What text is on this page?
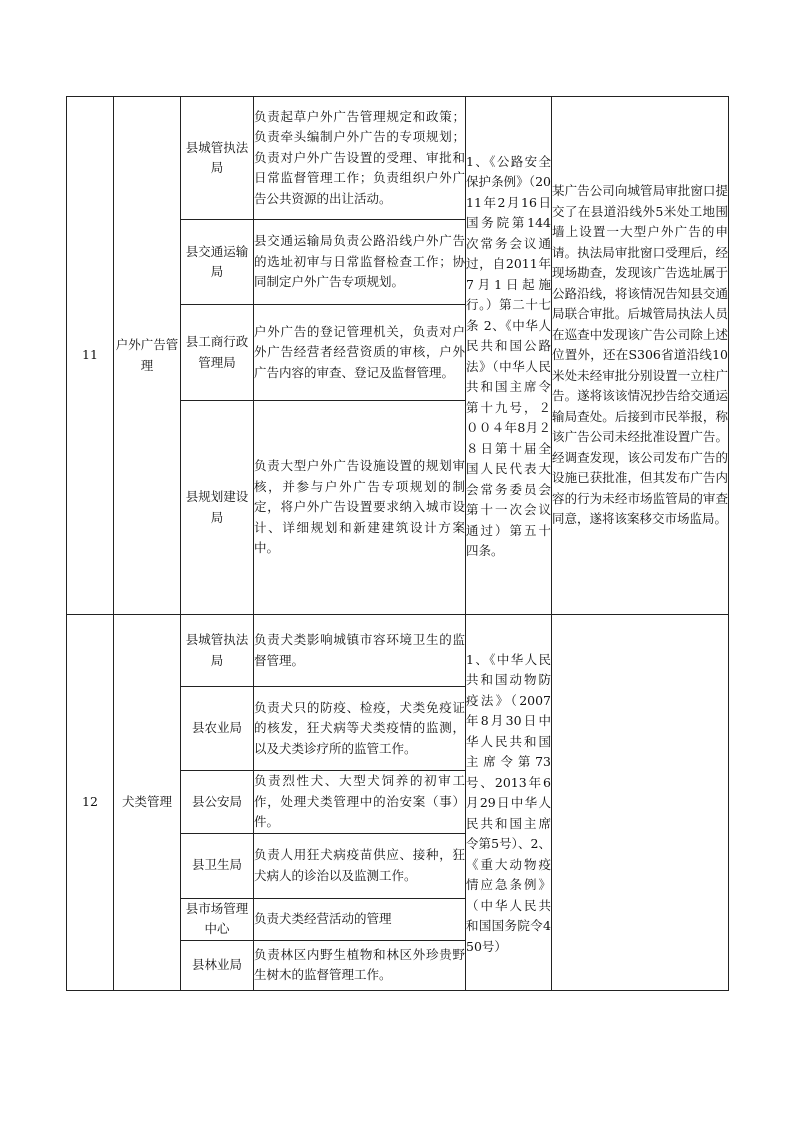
11	户外广告管理	县城管执法局	负责起草户外广告管理规定和政策；负责牵头编制户外广告的专项规划；负责对户外广告设置的受理、审批和日常监督管理工作；负责组织户外广告公共资源的出让活动。	1、《公路安全保护条例》（2011年2月16日国务院第144次常务会议通过，自2011年7月1日起施行。）第二十七条 2、《中华人民共和国公路法》（中华人民共和国主席令第十九号，２００４年8月２８日第十届全国人民代表大会常务委员会第十一次会议通过）第五十四条。	某广告公司向城管局审批窗口提交了在县道沿线外5米处工地围墙上设置一大型户外广告的申请。执法局审批窗口受理后，经现场勘查，发现该广告选址属于公路沿线，将该情况告知县交通局联合审批。后城管局执法人员在巡查中发现该广告公司除上述位置外，还在S306省道沿线10米处未经审批分别设置一立柱广告。遂将该该情况抄告给交通运输局查处。后接到市民举报，称该广告公司未经批准设置广告。经调查发现，该公司发布广告的设施已获批准，但其发布广告内容的行为未经市场监管局的审查同意，遂将该案移交市场监局。
		县交通运输局	县交通运输局负责公路沿线户外广告的选址初审与日常监督检查工作；协同制定户外广告专项规划。		
		县工商行政管理局	户外广告的登记管理机关，负责对户外广告经营者经营资质的审核，户外广告内容的审查、登记及监督管理。		
		县规划建设局	负责大型户外广告设施设置的规划审核，并参与户外广告专项规划的制定，将户外广告设置要求纳入城市设计、详细规划和新建建筑设计方案中。		
12	犬类管理	县城管执法局	负责犬类影响城镇市容环境卫生的监督管理。	1、《中华人民共和国动物防疫法》（2007年8月30日中华人民共和国主席令第73号、2013年6月29日中华人民共和国主席令第5号）、2、《重大动物疫情应急条例》（中华人民共和国国务院令450号）	
		县农业局	负责犬只的防疫、检疫，犬类免疫证的核发，狂犬病等犬类疫情的监测，以及犬类诊疗所的监管工作。		
		县公安局	负责烈性犬、大型犬饲养的初审工作，处理犬类管理中的治安案（事）件。		
		县卫生局	负责人用狂犬病疫苗供应、接种，狂犬病人的诊治以及监测工作。		
		县市场管理中心	负责犬类经营活动的管理		
		县林业局	负责林区内野生植物和林区外珍贵野生树木的监督管理工作。		
